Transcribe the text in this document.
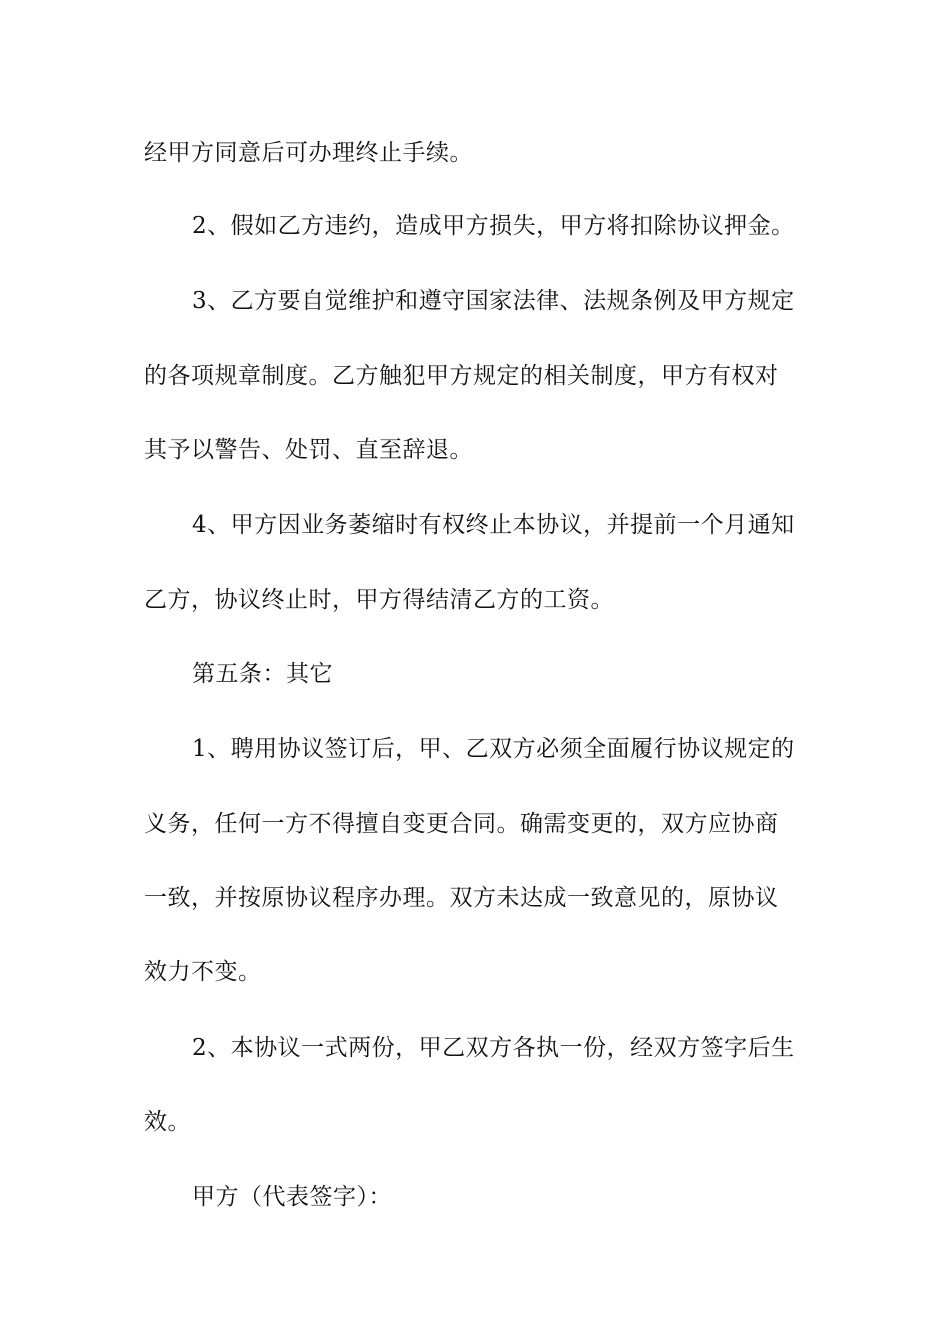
经甲方同意后可办理终止手续。
2、假如乙方违约，造成甲方损失，甲方将扣除协议押金。
3、乙方要自觉维护和遵守国家法律、法规条例及甲方规定
的各项规章制度。乙方触犯甲方规定的相关制度，甲方有权对
其予以警告、处罚、直至辞退。
4、甲方因业务萎缩时有权终止本协议，并提前一个月通知
乙方，协议终止时，甲方得结清乙方的工资。
第五条：其它
1、聘用协议签订后，甲、乙双方必须全面履行协议规定的
义务，任何一方不得擅自变更合同。确需变更的，双方应协商
一致，并按原协议程序办理。双方未达成一致意见的，原协议
效力不变。
2、本协议一式两份，甲乙双方各执一份，经双方签字后生
效。
甲方（代表签字）：
